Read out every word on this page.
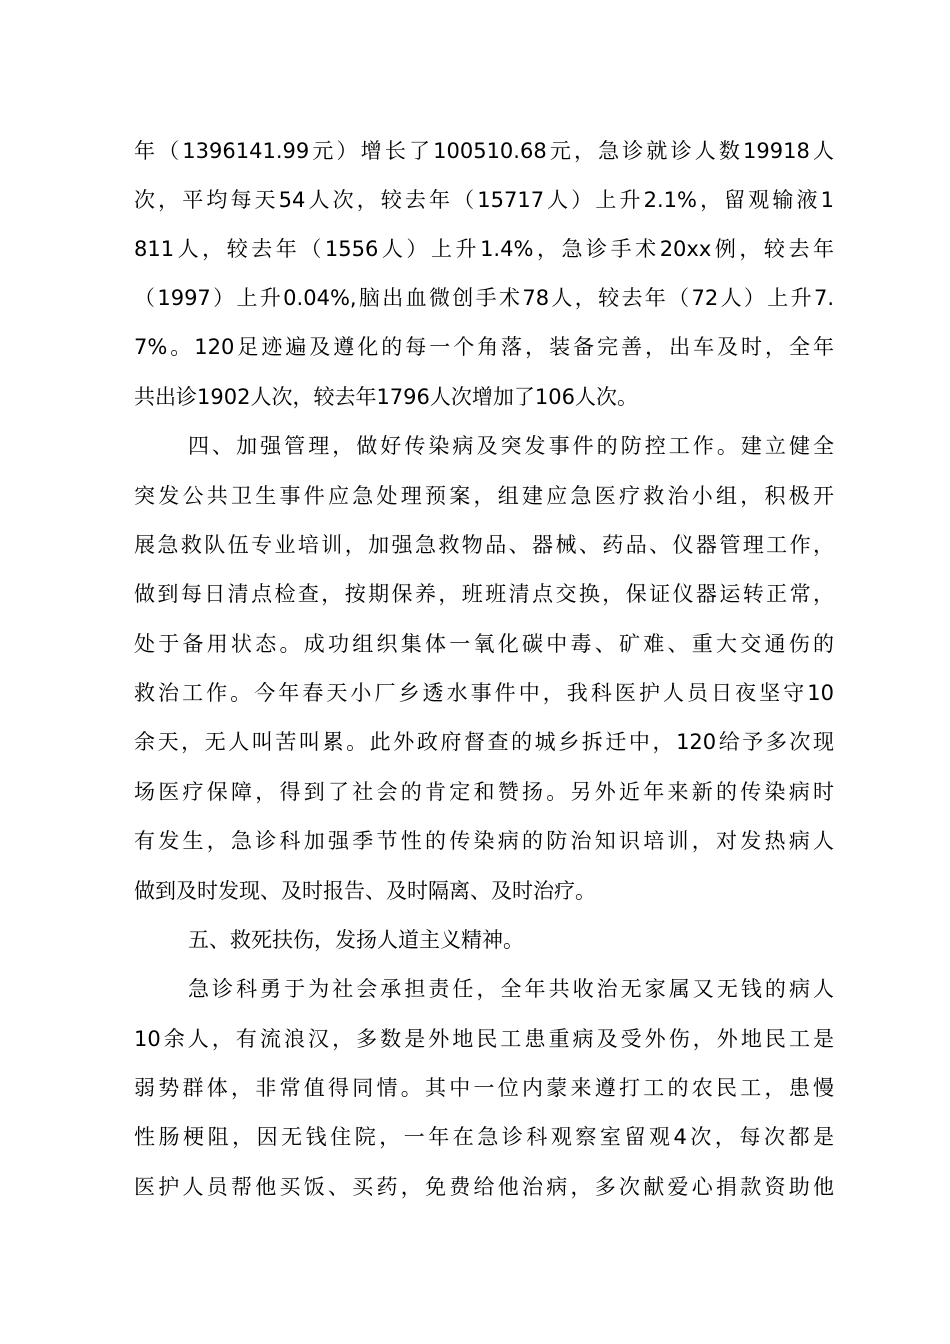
年（1396141.99元）增长了100510.68元，急诊就诊人数19918人
次，平均每天54人次，较去年（15717人）上升2.1%，留观输液1
811人，较去年（1556人）上升1.4%，急诊手术20xx例，较去年
（1997）上升0.04%,脑出血微创手术78人，较去年（72人）上升7.
7%。120足迹遍及遵化的每一个角落，装备完善，出车及时，全年
共出诊1902人次，较去年1796人次增加了106人次。
四、加强管理，做好传染病及突发事件的防控工作。建立健全
突发公共卫生事件应急处理预案，组建应急医疗救治小组，积极开
展急救队伍专业培训，加强急救物品、器械、药品、仪器管理工作，
做到每日清点检查，按期保养，班班清点交换，保证仪器运转正常，
处于备用状态。成功组织集体一氧化碳中毒、矿难、重大交通伤的
救治工作。今年春天小厂乡透水事件中，我科医护人员日夜坚守10
余天，无人叫苦叫累。此外政府督查的城乡拆迁中，120给予多次现
场医疗保障，得到了社会的肯定和赞扬。另外近年来新的传染病时
有发生，急诊科加强季节性的传染病的防治知识培训，对发热病人
做到及时发现、及时报告、及时隔离、及时治疗。
五、救死扶伤，发扬人道主义精神。
急诊科勇于为社会承担责任，全年共收治无家属又无钱的病人
10余人，有流浪汉，多数是外地民工患重病及受外伤，外地民工是
弱势群体，非常值得同情。其中一位内蒙来遵打工的农民工，患慢
性肠梗阻，因无钱住院，一年在急诊科观察室留观4次，每次都是
医护人员帮他买饭、买药，免费给他治病，多次献爱心捐款资助他
